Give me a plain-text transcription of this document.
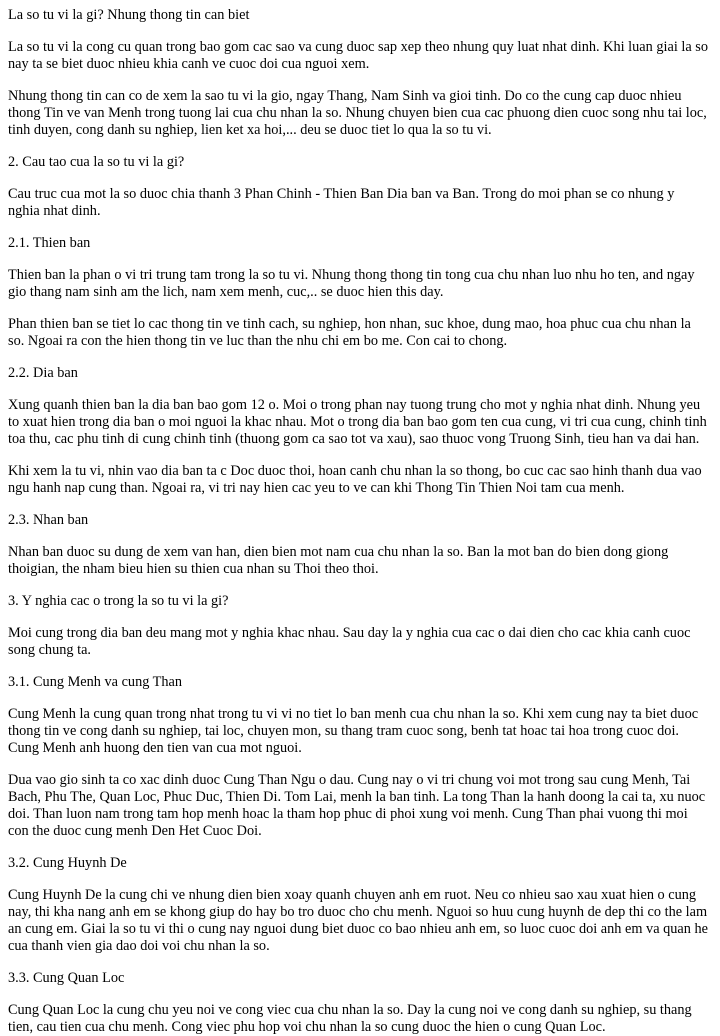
La so tu vi la gi? Nhung thong tin can biet

La so tu vi la cong cu quan trong bao gom cac sao va cung duoc sap xep theo nhung quy luat nhat dinh. Khi luan giai la so nay ta se biet duoc nhieu khia canh ve cuoc doi cua nguoi xem.

Nhung thong tin can co de xem la sao tu vi la gio, ngay Thang, Nam Sinh va gioi tinh. Do co the cung cap duoc nhieu thong Tin ve van Menh trong tuong lai cua chu nhan la so. Nhung chuyen bien cua cac phuong dien cuoc song nhu tai loc, tinh duyen, cong danh su nghiep, lien ket xa hoi,... deu se duoc tiet lo qua la so tu vi.

2. Cau tao cua la so tu vi la gi?

Cau truc cua mot la so duoc chia thanh 3 Phan Chinh - Thien Ban Dia ban va Ban. Trong do moi phan se co nhung y nghia nhat dinh.

2.1. Thien ban

Thien ban la phan o vi tri trung tam trong la so tu vi. Nhung thong thong tin tong cua chu nhan luo nhu ho ten, and ngay gio thang nam sinh am the lich, nam xem menh, cuc,.. se duoc hien this day.

Phan thien ban se tiet lo cac thong tin ve tinh cach, su nghiep, hon nhan, suc khoe, dung mao, hoa phuc cua chu nhan la so. Ngoai ra con the hien thong tin ve luc than the nhu chi em bo me. Con cai to chong.

2.2. Dia ban

Xung quanh thien ban la dia ban bao gom 12 o. Moi o trong phan nay tuong trung cho mot y nghia nhat dinh. Nhung yeu to xuat hien trong dia ban o moi nguoi la khac nhau. Mot o trong dia ban bao gom ten cua cung, vi tri cua cung, chinh tinh toa thu, cac phu tinh di cung chinh tinh (thuong gom ca sao tot va xau), sao thuoc vong Truong Sinh, tieu han va dai han.

Khi xem la tu vi, nhin vao dia ban ta c Doc duoc thoi, hoan canh chu nhan la so thong, bo cuc cac sao hinh thanh dua vao ngu hanh nap cung than. Ngoai ra, vi tri nay hien cac yeu to ve can khi Thong Tin Thien Noi tam cua menh.

2.3. Nhan ban

Nhan ban duoc su dung de xem van han, dien bien mot nam cua chu nhan la so. Ban la mot ban do bien dong giong thoigian, the nham bieu hien su thien cua nhan su Thoi theo thoi.

3. Y nghia cac o trong la so tu vi la gi?

Moi cung trong dia ban deu mang mot y nghia khac nhau. Sau day la y nghia cua cac o dai dien cho cac khia canh cuoc song chung ta.

3.1. Cung Menh va cung Than

Cung Menh la cung quan trong nhat trong tu vi vi no tiet lo ban menh cua chu nhan la so. Khi xem cung nay ta biet duoc thong tin ve cong danh su nghiep, tai loc, chuyen mon, su thang tram cuoc song, benh tat hoac tai hoa trong cuoc doi. Cung Menh anh huong den tien van cua mot nguoi.

Dua vao gio sinh ta co xac dinh duoc Cung Than Ngu o dau. Cung nay o vi tri chung voi mot trong sau cung Menh, Tai Bach, Phu The, Quan Loc, Phuc Duc, Thien Di. Tom Lai, menh la ban tinh. La tong Than la hanh doong la cai ta, xu nuoc doi. Than luon nam trong tam hop menh hoac la tham hop phuc di phoi xung voi menh. Cung Than phai vuong thi moi con the duoc cung menh Den Het Cuoc Doi.

3.2. Cung Huynh De

Cung Huynh De la cung chi ve nhung dien bien xoay quanh chuyen anh em ruot. Neu co nhieu sao xau xuat hien o cung nay, thi kha nang anh em se khong giup do hay bo tro duoc cho chu menh. Nguoi so huu cung huynh de dep thi co the lam an cung em. Giai la so tu vi thi o cung nay nguoi dung biet duoc co bao nhieu anh em, so luoc cuoc doi anh em va quan he cua thanh vien gia dao doi voi chu nhan la so.

3.3. Cung Quan Loc

Cung Quan Loc la cung chu yeu noi ve cong viec cua chu nhan la so. Day la cung noi ve cong danh su nghiep, su thang tien, cau tien cua chu menh. Cong viec phu hop voi chu nhan la so cung duoc the hien o cung Quan Loc.
